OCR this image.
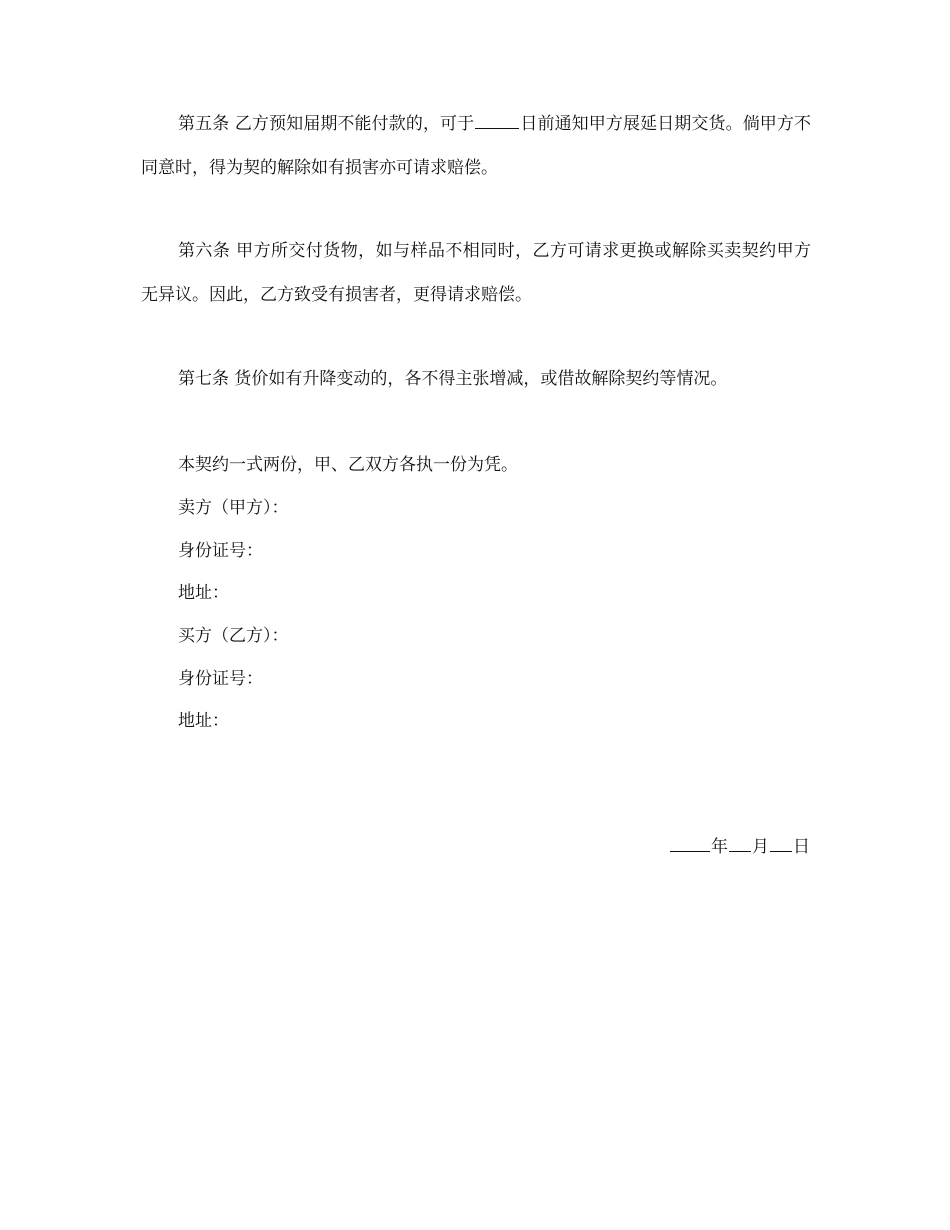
第五条 乙方预知届期不能付款的，可于	日前通知甲方展延日期交货。倘甲方不同意时，得为契的解除如有损害亦可请求赔偿。

第六条 甲方所交付货物，如与样品不相同时，乙方可请求更换或解除买卖契约甲方无异议。因此，乙方致受有损害者，更得请求赔偿。

第七条 货价如有升降变动的，各不得主张增减，或借故解除契约等情况。

本契约一式两份，甲、乙双方各执一份为凭。

卖方（甲方）：

身份证号：

地址：

买方（乙方）：

身份证号：

地址：

年 月 日
